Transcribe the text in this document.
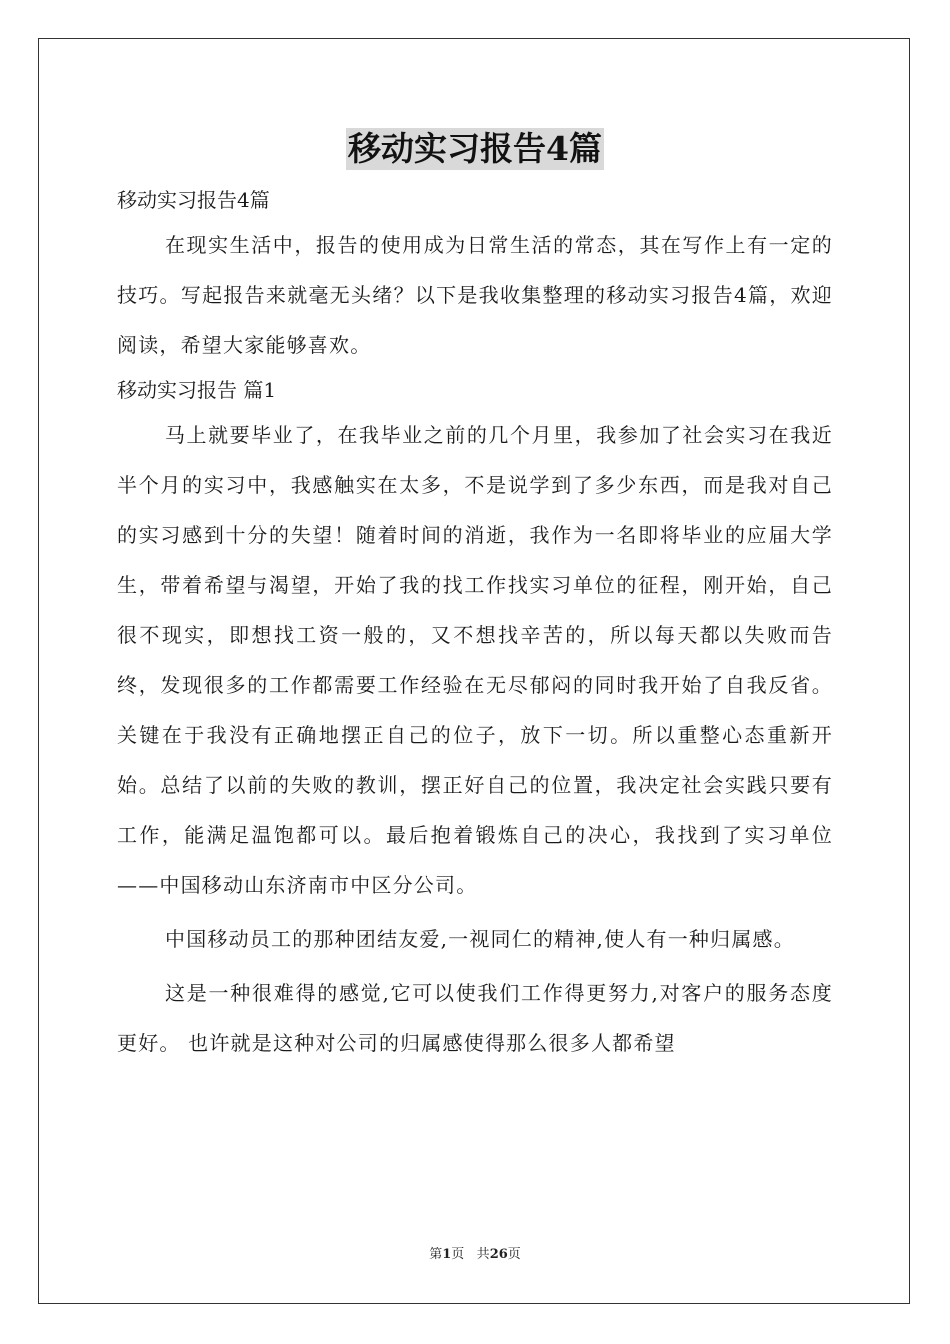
移动实习报告4篇

移动实习报告4篇

在现实生活中，报告的使用成为日常生活的常态，其在写作上有一定的技巧。写起报告来就毫无头绪？以下是我收集整理的移动实习报告4篇，欢迎阅读，希望大家能够喜欢。

移动实习报告 篇1

马上就要毕业了，在我毕业之前的几个月里，我参加了社会实习在我近半个月的实习中，我感触实在太多，不是说学到了多少东西，而是我对自己的实习感到十分的失望！随着时间的消逝，我作为一名即将毕业的应届大学生，带着希望与渴望，开始了我的找工作找实习单位的征程，刚开始，自己很不现实，即想找工资一般的，又不想找辛苦的，所以每天都以失败而告终，发现很多的工作都需要工作经验在无尽郁闷的同时我开始了自我反省。关键在于我没有正确地摆正自己的位子，放下一切。所以重整心态重新开始。总结了以前的失败的教训，摆正好自己的位置，我决定社会实践只要有工作，能满足温饱都可以。最后抱着锻炼自己的决心，我找到了实习单位——中国移动山东济南市中区分公司。

中国移动员工的那种团结友爱,一视同仁的精神,使人有一种归属感。

这是一种很难得的感觉,它可以使我们工作得更努力,对客户的服务态度更好。 也许就是这种对公司的归属感使得那么很多人都希望

第1页 共26页
